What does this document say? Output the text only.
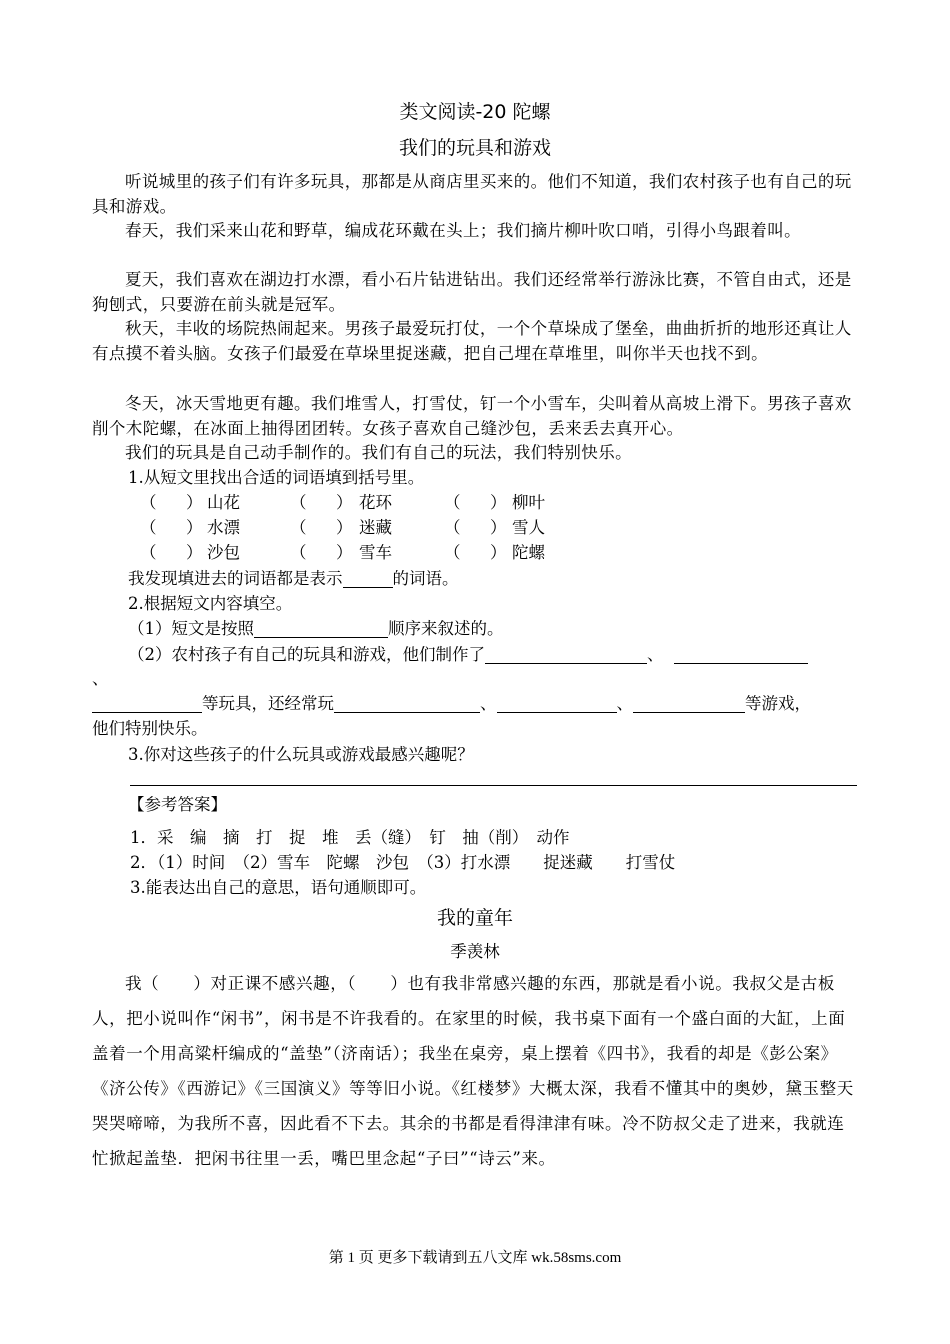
类文阅读-20 陀螺
我们的玩具和游戏
听说城里的孩子们有许多玩具，那都是从商店里买来的。他们不知道，我们农村孩子也有自己的玩具和游戏。
春天，我们采来山花和野草，编成花环戴在头上；我们摘片柳叶吹口哨，引得小鸟跟着叫。
夏天，我们喜欢在湖边打水漂，看小石片钻进钻出。我们还经常举行游泳比赛，不管自由式，还是狗刨式，只要游在前头就是冠军。
秋天，丰收的场院热闹起来。男孩子最爱玩打仗，一个个草垛成了堡垒，曲曲折折的地形还真让人有点摸不着头脑。女孩子们最爱在草垛里捉迷藏，把自己埋在草堆里，叫你半天也找不到。
冬天，冰天雪地更有趣。我们堆雪人，打雪仗，钉一个小雪车，尖叫着从高坡上滑下。男孩子喜欢削个木陀螺，在冰面上抽得团团转。女孩子喜欢自己缝沙包，丢来丢去真开心。
我们的玩具是自己动手制作的。我们有自己的玩法，我们特别快乐。
1.从短文里找出合适的词语填到括号里。
（ ） 山花	（ ） 花环	（ ） 柳叶
（ ） 水漂	（ ） 迷藏	（ ） 雪人
（ ） 沙包	（ ） 雪车	（ ） 陀螺
我发现填进去的词语都是表示	的词语。
2.根据短文内容填空。
（1）短文是按照	顺序来叙述的。
（2）农村孩子有自己的玩具和游戏，他们制作了	、
、
等玩具，还经常玩	、	、	等游戏，
他们特别快乐。
3.你对这些孩子的什么玩具或游戏最感兴趣呢？
【参考答案】
1．采　编　摘　打　捉　堆　丢（缝）　钉　抽（削）　动作
2．（1）时间　（2）雪车　陀螺　沙包　（3）打水漂　　捉迷藏　　打雪仗
3.能表达出自己的意思，语句通顺即可。
我的童年
季羡林
我（　　）对正课不感兴趣，（　　）也有我非常感兴趣的东西，那就是看小说。我叔父是古板人，把小说叫作“闲书”，闲书是不许我看的。在家里的时候，我书桌下面有一个盛白面的大缸，上面盖着一个用高粱杆编成的“盖垫”（济南话）；我坐在桌旁，桌上摆着《四书》，我看的却是《彭公案》《济公传》《西游记》《三国演义》等等旧小说。《红楼梦》大概太深，我看不懂其中的奥妙，黛玉整天哭哭啼啼，为我所不喜，因此看不下去。其余的书都是看得津津有味。冷不防叔父走了进来，我就连忙掀起盖垫．把闲书往里一丢，嘴巴里念起“子曰”“诗云”来。
第 1 页 更多下载请到五八文库 wk.58sms.com
